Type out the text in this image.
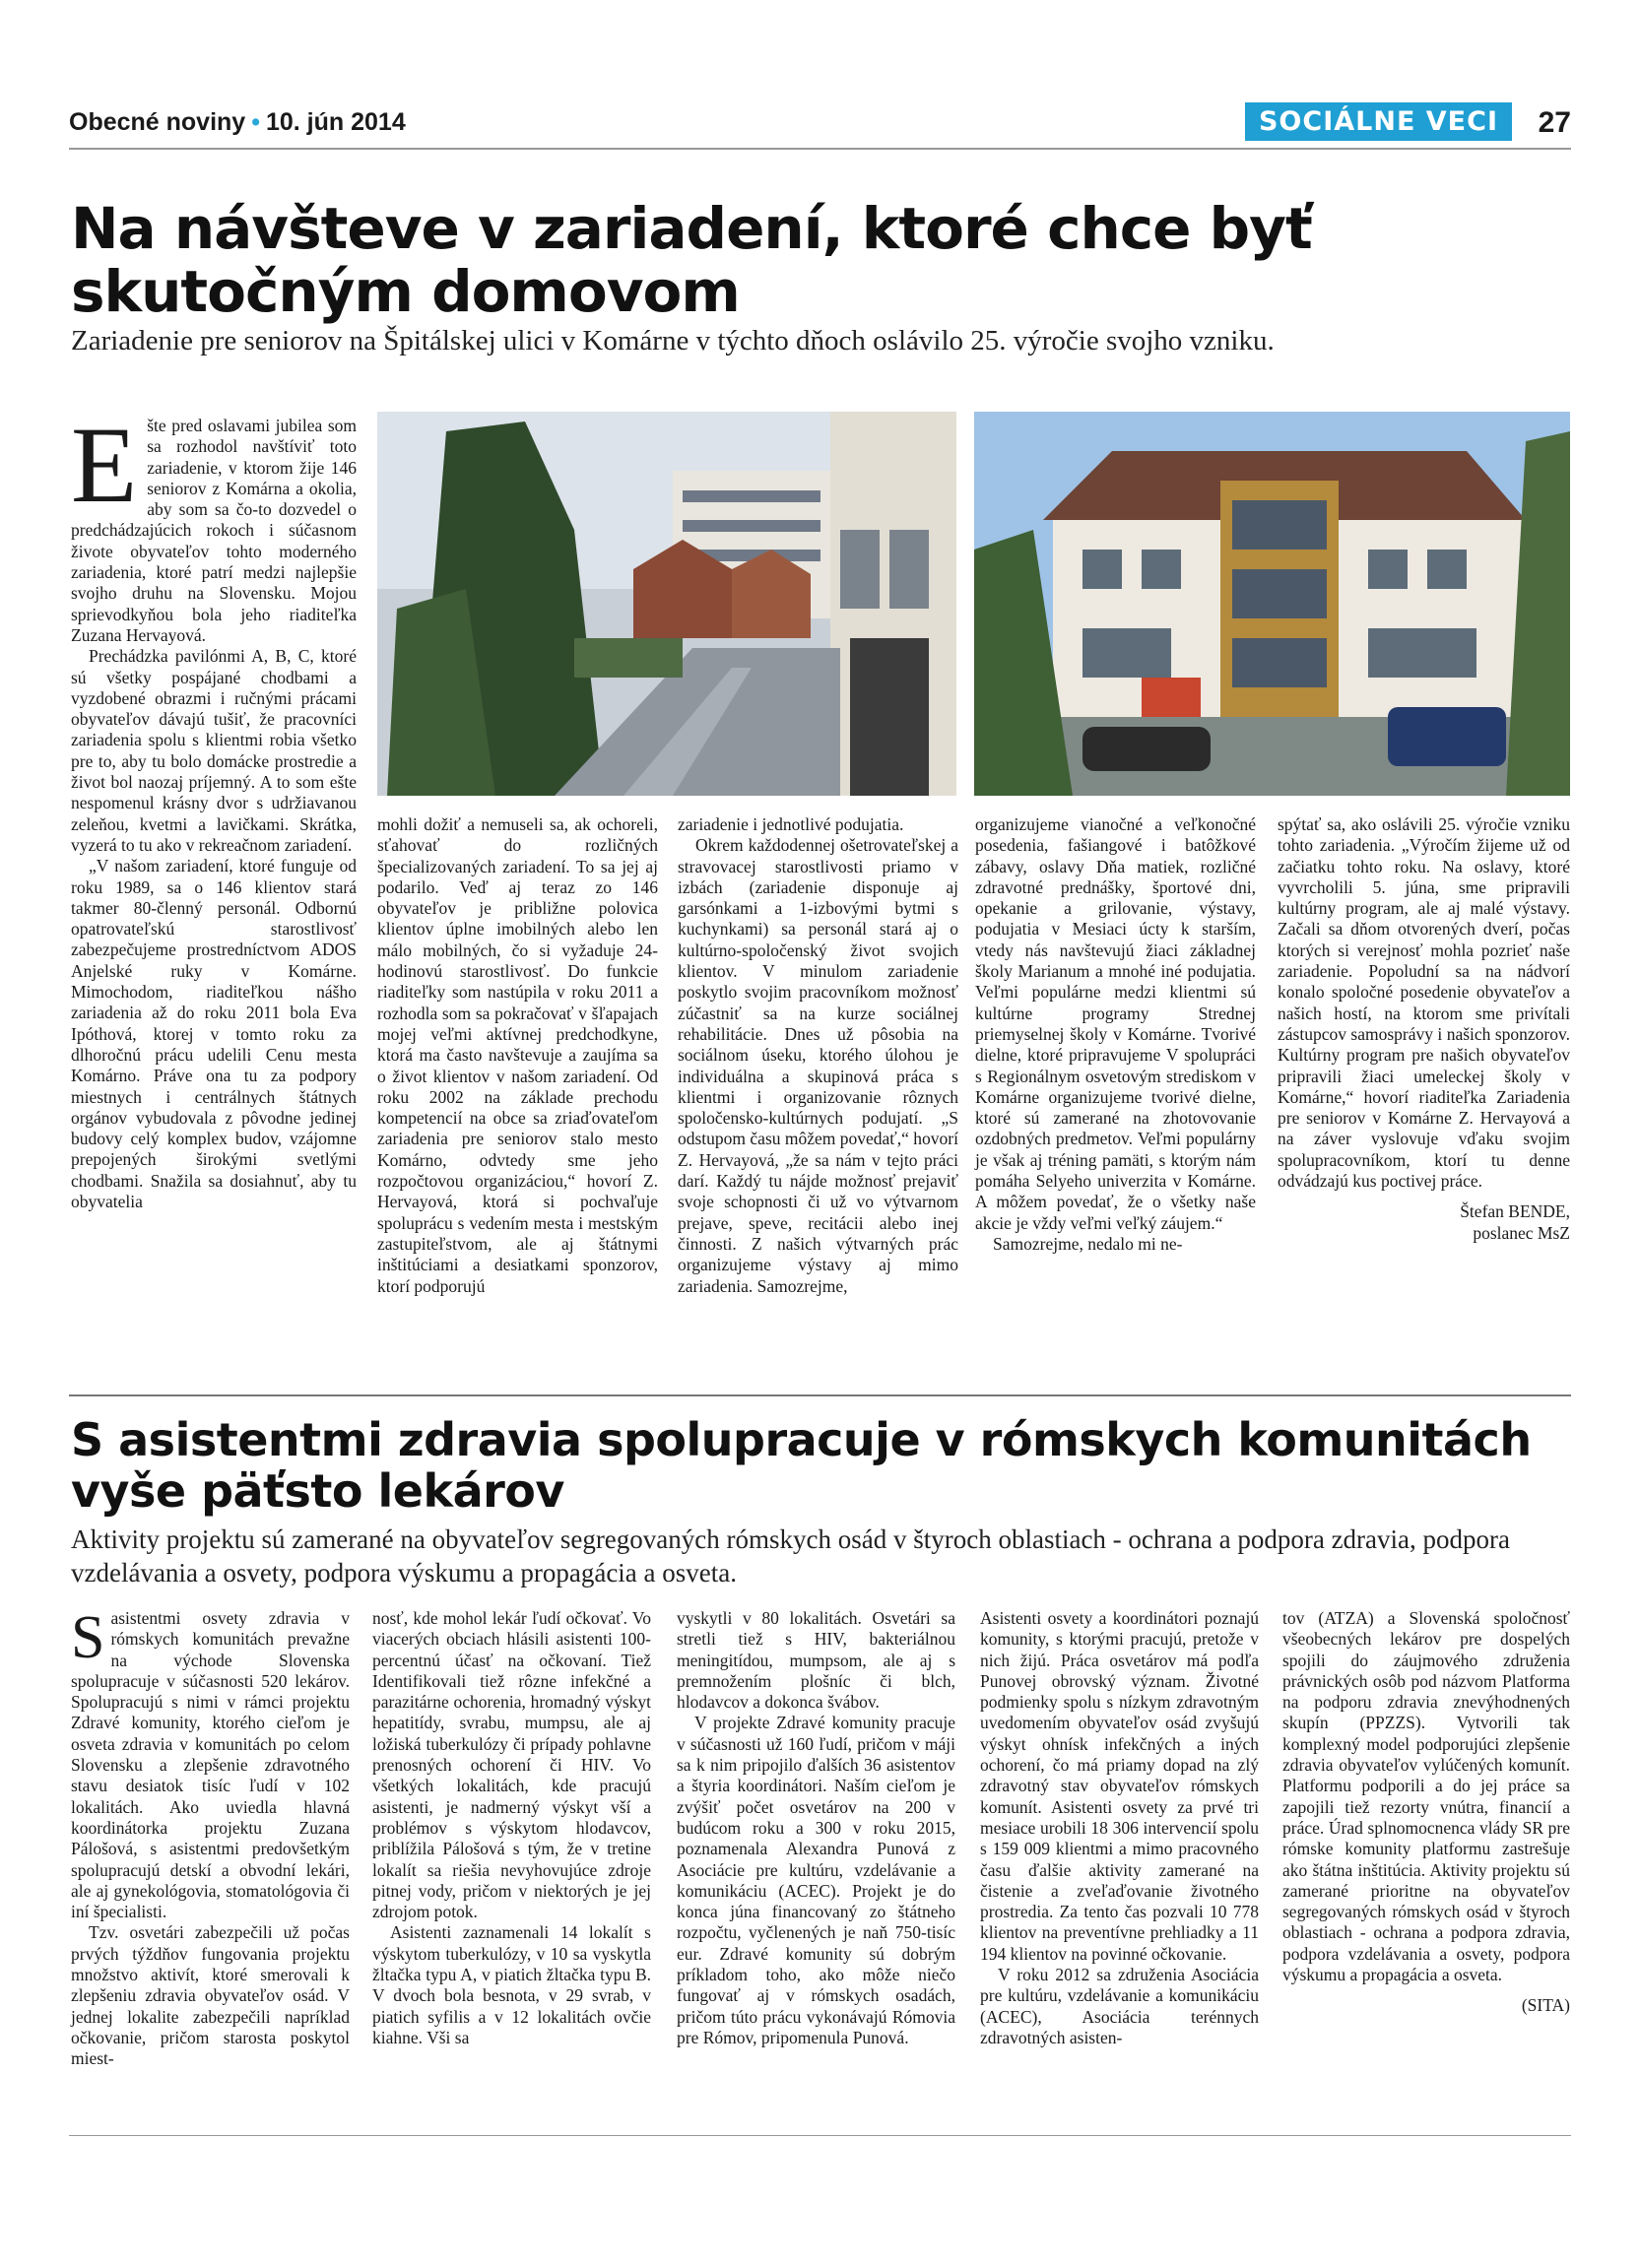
Obecné noviny • 10. jún 2014	SOCIÁLNE VECI	27
Na návšteve v zariadení, ktoré chce byť skutočným domovom
Zariadenie pre seniorov na Špitálskej ulici v Komárne v týchto dňoch oslávilo 25. výročie svojho vzniku.

Ešte pred oslavami jubilea som sa rozhodol navštíviť toto zariadenie, v ktorom žije 146 seniorov z Komárna a okolia, aby som sa čo-to dozvedel o predchádzajúcich rokoch i súčasnom živote obyvateľov tohto moderného zariadenia, ktoré patrí medzi najlepšie svojho druhu na Slovensku. Mojou sprievodkyňou bola jeho riaditeľka Zuzana Hervayová.

Prechádzka pavilónmi A, B, C, ktoré sú všetky pospájané chodbami a vyzdobené obrazmi i ručnými prácami obyvateľov dávajú tušiť, že pracovníci zariadenia spolu s klientmi robia všetko pre to, aby tu bolo domácke prostredie a život bol naozaj príjemný. A to som ešte nespomenul krásny dvor s udržiavanou zeleňou, kvetmi a lavičkami. Skrátka, vyzerá to tu ako v rekreačnom zariadení.

„V našom zariadení, ktoré funguje od roku 1989, sa o 146 klientov stará takmer 80-členný personál. Odbornú opatrovateľskú starostlivosť zabezpečujeme prostredníctvom ADOS Anjelské ruky v Komárne. Mimochodom, riaditeľkou nášho zariadenia až do roku 2011 bola Eva Ipóthová, ktorej v tomto roku za dlhoročnú prácu udelili Cenu mesta Komárno. Práve ona tu za podpory miestnych i centrálnych štátnych orgánov vybudovala z pôvodne jedinej budovy celý komplex budov, vzájomne prepojených širokými svetlými chodbami. Snažila sa dosiahnuť, aby tu obyvatelia

mohli dožiť a nemuseli sa, ak ochoreli, sťahovať do rozličných špecializovaných zariadení. To sa jej aj podarilo. Veď aj teraz zo 146 obyvateľov je približne polovica klientov úplne imobilných alebo len málo mobilných, čo si vyžaduje 24-hodinovú starostlivosť. Do funkcie riaditeľky som nastúpila v roku 2011 a rozhodla som sa pokračovať v šľapajach mojej veľmi aktívnej predchodkyne, ktorá ma často navštevuje a zaujíma sa o život klientov v našom zariadení. Od roku 2002 na základe prechodu kompetencií na obce sa zriaďovateľom zariadenia pre seniorov stalo mesto Komárno, odvtedy sme jeho rozpočtovou organizáciou,“ hovorí Z. Hervayová, ktorá si pochvaľuje spoluprácu s vedením mesta i mestským zastupiteľstvom, ale aj štátnymi inštitúciami a desiatkami sponzorov, ktorí podporujú

zariadenie i jednotlivé podujatia.

Okrem každodennej ošetrovateľskej a stravovacej starostlivosti priamo v izbách (zariadenie disponuje aj garsónkami a 1-izbovými bytmi s kuchynkami) sa personál stará aj o kultúrno-spoločenský život svojich klientov. V minulom zariadenie poskytlo svojim pracovníkom možnosť zúčastniť sa na kurze sociálnej rehabilitácie. Dnes už pôsobia na sociálnom úseku, ktorého úlohou je individuálna a skupinová práca s klientmi i organizovanie rôznych spoločensko-kultúrnych podujatí. „S odstupom času môžem povedať,“ hovorí Z. Hervayová, „že sa nám v tejto práci darí. Každý tu nájde možnosť prejaviť svoje schopnosti či už vo výtvarnom prejave, speve, recitácii alebo inej činnosti. Z našich výtvarných prác organizujeme výstavy aj mimo zariadenia. Samozrejme,

organizujeme vianočné a veľkonočné posedenia, fašiangové i batôžkové zábavy, oslavy Dňa matiek, rozličné zdravotné prednášky, športové dni, opekanie a grilovanie, výstavy, podujatia v Mesiaci úcty k starším, vtedy nás navštevujú žiaci základnej školy Marianum a mnohé iné podujatia. Veľmi populárne medzi klientmi sú kultúrne programy Strednej priemyselnej školy v Komárne. Tvorivé dielne, ktoré pripravujeme V spolupráci s Regionálnym osvetovým strediskom v Komárne organizujeme tvorivé dielne, ktoré sú zamerané na zhotovovanie ozdobných predmetov. Veľmi populárny je však aj tréning pamäti, s ktorým nám pomáha Selyeho univerzita v Komárne. A môžem povedať, že o všetky naše akcie je vždy veľmi veľký záujem.“

Samozrejme, nedalo mi ne-

spýtať sa, ako oslávili 25. výročie vzniku tohto zariadenia. „Výročím žijeme už od začiatku tohto roku. Na oslavy, ktoré vyvrcholili 5. júna, sme pripravili kultúrny program, ale aj malé výstavy. Začali sa dňom otvorených dverí, počas ktorých si verejnosť mohla pozrieť naše zariadenie. Popoludní sa na nádvorí konalo spoločné posedenie obyvateľov a našich hostí, na ktorom sme privítali zástupcov samosprávy i našich sponzorov. Kultúrny program pre našich obyvateľov pripravili žiaci umeleckej školy v Komárne,“ hovorí riaditeľka Zariadenia pre seniorov v Komárne Z. Hervayová a na záver vyslovuje vďaku svojim spolupracovníkom, ktorí tu denne odvádzajú kus poctivej práce.

Štefan BENDE,
poslanec MsZ
S asistentmi zdravia spolupracuje v rómskych komunitách vyše päťsto lekárov
Aktivity projektu sú zamerané na obyvateľov segregovaných rómskych osád v štyroch oblastiach - ochrana a podpora zdravia, podpora vzdelávania a osvety, podpora výskumu a propagácia a osveta.

Sasistentmi osvety zdravia v rómskych komunitách prevažne na východe Slovenska spolupracuje v súčasnosti 520 lekárov. Spolupracujú s nimi v rámci projektu Zdravé komunity, ktorého cieľom je osveta zdravia v komunitách po celom Slovensku a zlepšenie zdravotného stavu desiatok tisíc ľudí v 102 lokalitách. Ako uviedla hlavná koordinátorka projektu Zuzana Pálošová, s asistentmi predovšetkým spolupracujú detskí a obvodní lekári, ale aj gynekológovia, stomatológovia či iní špecialisti.

Tzv. osvetári zabezpečili už počas prvých týždňov fungovania projektu množstvo aktivít, ktoré smerovali k zlepšeniu zdravia obyvateľov osád. V jednej lokalite zabezpečili napríklad očkovanie, pričom starosta poskytol miest-

nosť, kde mohol lekár ľudí očkovať. Vo viacerých obciach hlásili asistenti 100-percentnú účasť na očkovaní. Tiež Identifikovali tiež rôzne infekčné a parazitárne ochorenia, hromadný výskyt hepatitídy, svrabu, mumpsu, ale aj ložiská tuberkulózy či prípady pohlavne prenosných ochorení či HIV. Vo všetkých lokalitách, kde pracujú asistenti, je nadmerný výskyt vší a problémov s výskytom hlodavcov, priblížila Pálošová s tým, že v tretine lokalít sa riešia nevyhovujúce zdroje pitnej vody, pričom v niektorých je jej zdrojom potok.

Asistenti zaznamenali 14 lokalít s výskytom tuberkulózy, v 10 sa vyskytla žltačka typu A, v piatich žltačka typu B. V dvoch bola besnota, v 29 svrab, v piatich syfilis a v 12 lokalitách ovčie kiahne. Vši sa

vyskytli v 80 lokalitách. Osvetári sa stretli tiež s HIV, bakteriálnou meningitídou, mumpsom, ale aj s premnožením plošníc či blch, hlodavcov a dokonca švábov.

V projekte Zdravé komunity pracuje v súčasnosti už 160 ľudí, pričom v máji sa k nim pripojilo ďalších 36 asistentov a štyria koordinátori. Naším cieľom je zvýšiť počet osvetárov na 200 v budúcom roku a 300 v roku 2015, poznamenala Alexandra Punová z Asociácie pre kultúru, vzdelávanie a komunikáciu (ACEC). Projekt je do konca júna financovaný zo štátneho rozpočtu, vyčlenených je naň 750-tisíc eur. Zdravé komunity sú dobrým príkladom toho, ako môže niečo fungovať aj v rómskych osadách, pričom túto prácu vykonávajú Rómovia pre Rómov, pripomenula Punová.

Asistenti osvety a koordinátori poznajú komunity, s ktorými pracujú, pretože v nich žijú. Práca osvetárov má podľa Punovej obrovský význam. Životné podmienky spolu s nízkym zdravotným uvedomením obyvateľov osád zvyšujú výskyt ohnísk infekčných a iných ochorení, čo má priamy dopad na zlý zdravotný stav obyvateľov rómskych komunít. Asistenti osvety za prvé tri mesiace urobili 18 306 intervencií spolu s 159 009 klientmi a mimo pracovného času ďalšie aktivity zamerané na čistenie a zveľaďovanie životného prostredia. Za tento čas pozvali 10 778 klientov na preventívne prehliadky a 11 194 klientov na povinné očkovanie.

V roku 2012 sa združenia Asociácia pre kultúru, vzdelávanie a komunikáciu (ACEC), Asociácia terénnych zdravotných asisten-

tov (ATZA) a Slovenská spoločnosť všeobecných lekárov pre dospelých spojili do záujmového združenia právnických osôb pod názvom Platforma na podporu zdravia znevýhodnených skupín (PPZZS). Vytvorili tak komplexný model podporujúci zlepšenie zdravia obyvateľov vylúčených komunít. Platformu podporili a do jej práce sa zapojili tiež rezorty vnútra, financií a práce. Úrad splnomocnenca vlády SR pre rómske komunity platformu zastrešuje ako štátna inštitúcia. Aktivity projektu sú zamerané prioritne na obyvateľov segregovaných rómskych osád v štyroch oblastiach - ochrana a podpora zdravia, podpora vzdelávania a osvety, podpora výskumu a propagácia a osveta.

(SITA)
